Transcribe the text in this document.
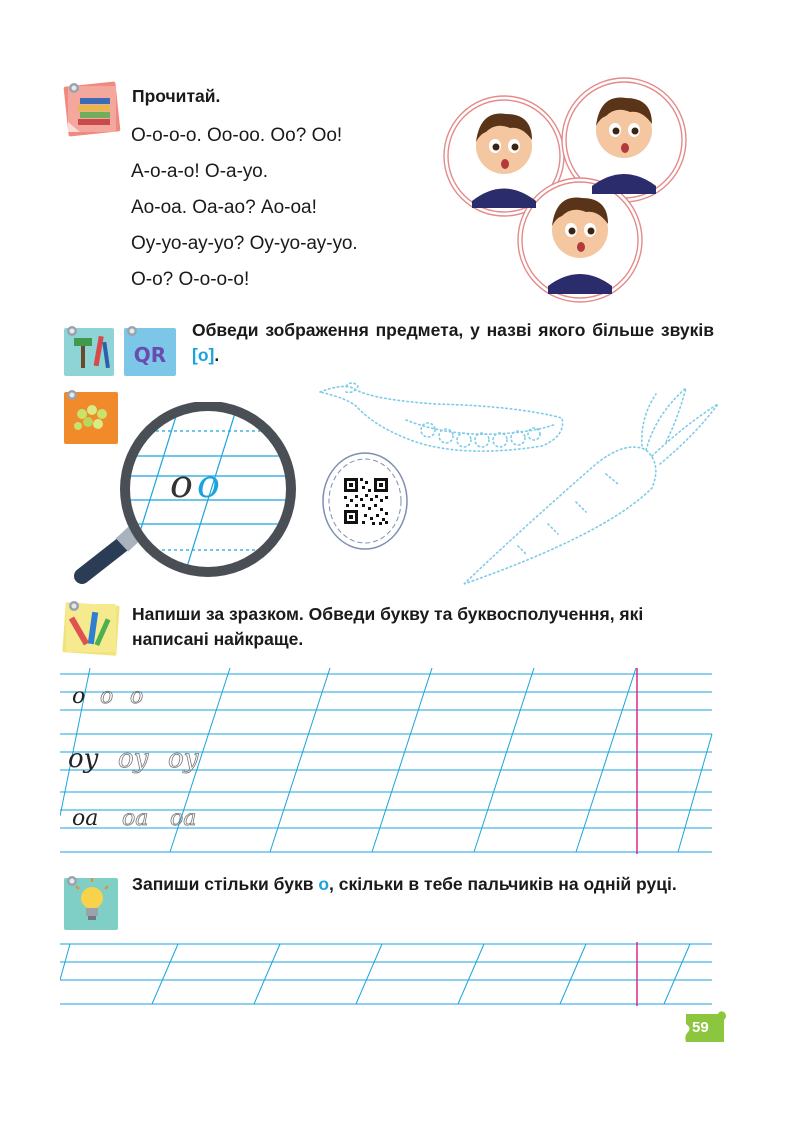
Прочитай.
О-о-о-о. Оо-оо. Оо? Оо!
А-о-а-о! О-а-уо.
Ао-оа. Оа-ао? Ао-оа!
Оу-уо-ау-уо? Оу-уо-ау-уо.
О-о? О-о-о-о!
QR
Обведи зображення предмета, у назві якого більше звуків [о].
о о
Напиши за зразком. Обведи букву та буквосполучення, які написані найкраще.
о о о
оу оу оу
оа оа оа
Запиши стільки букв о, скільки в тебе пальчиків на одній руці.
59
